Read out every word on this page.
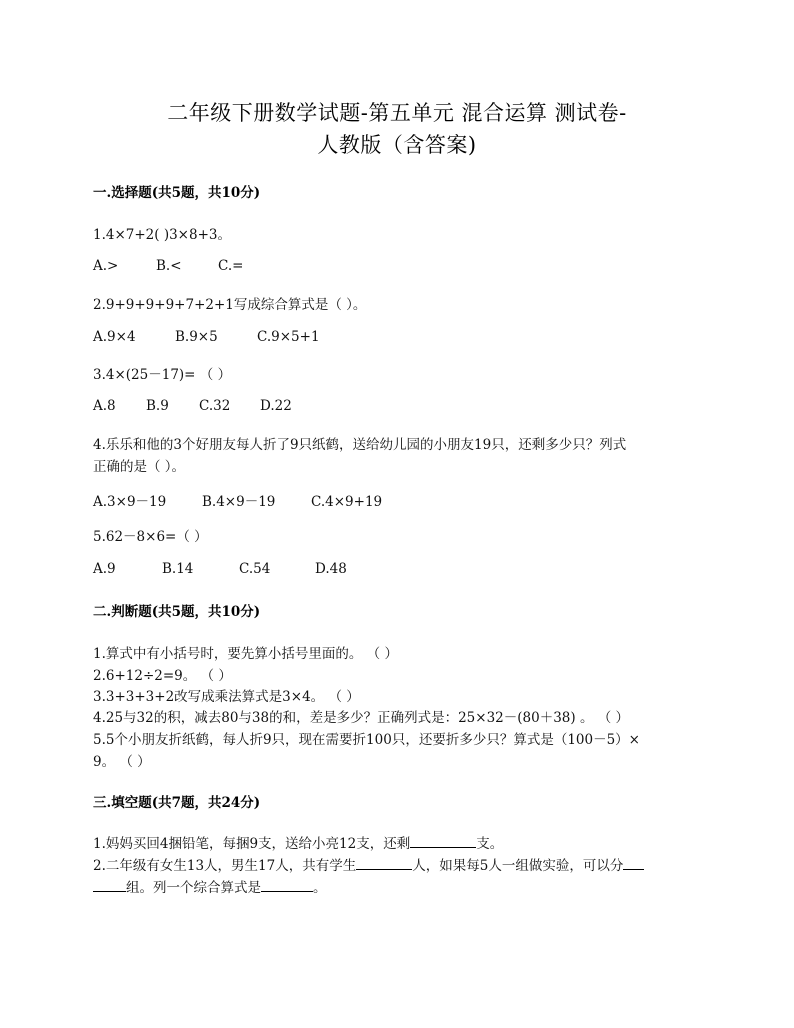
二年级下册数学试题-第五单元 混合运算 测试卷-
人教版（含答案)
一.选择题(共5题，共10分)
1.4×7+2( )3×8+3。
A.>	B.<	C.=
2.9+9+9+9+7+2+1写成综合算式是（ ）。
A.9×4	B.9×5	C.9×5+1
3.4×(25－17)= （ ）
A.8 B.9 C.32 D.22
4.乐乐和他的3个好朋友每人折了9只纸鹤，送给幼儿园的小朋友19只，还剩多少只？列式
正确的是（ ）。
A.3×9－19	B.4×9－19	C.4×9+19
5.62－8×6=（ ）
A.9	B.14	C.54	D.48
二.判断题(共5题，共10分)
1.算式中有小括号时，要先算小括号里面的。 （ ）
2.6+12÷2=9。 （ ）
3.3+3+3+2改写成乘法算式是3×4。 （ ）
4.25与32的积，减去80与38的和，差是多少？正确列式是：25×32－(80＋38) 。 （ ）
5.5个小朋友折纸鹤，每人折9只，现在需要折100只，还要折多少只？算式是（100－5）×
9。 （ ）
三.填空题(共7题，共24分)
1.妈妈买回4捆铅笔，每捆9支，送给小亮12支，还剩	支。
2.二年级有女生13人，男生17人，共有学生	人，如果每5人一组做实验，可以分
组。列一个综合算式是	。
